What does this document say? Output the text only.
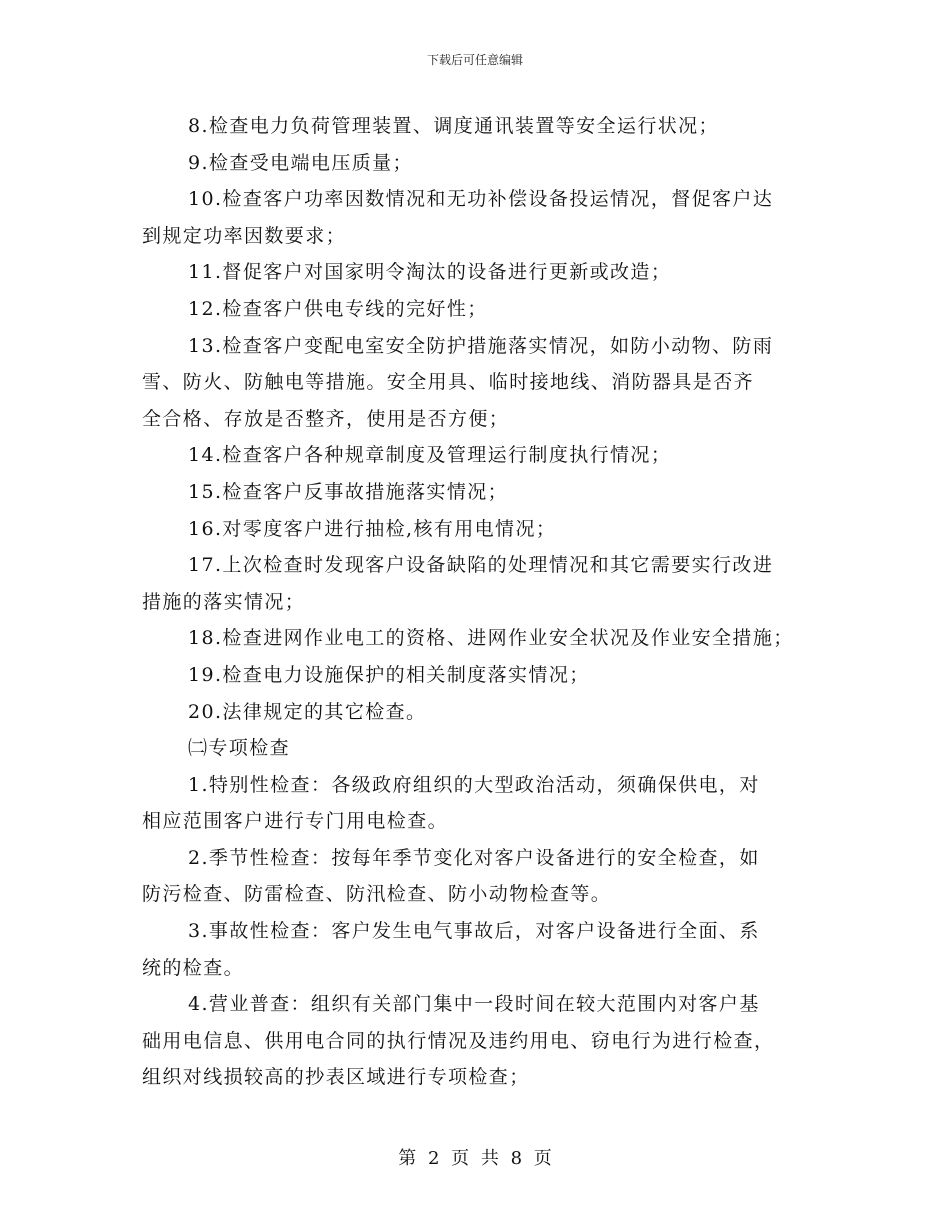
下载后可任意编辑

8.检查电力负荷管理装置、调度通讯装置等安全运行状况；

9.检查受电端电压质量；

10.检查客户功率因数情况和无功补偿设备投运情况，督促客户达

到规定功率因数要求；

11.督促客户对国家明令淘汰的设备进行更新或改造；

12.检查客户供电专线的完好性；

13.检查客户变配电室安全防护措施落实情况，如防小动物、防雨

雪、防火、防触电等措施。安全用具、临时接地线、消防器具是否齐

全合格、存放是否整齐，使用是否方便；

14.检查客户各种规章制度及管理运行制度执行情况；

15.检查客户反事故措施落实情况；

16.对零度客户进行抽检,核有用电情况；

17.上次检查时发现客户设备缺陷的处理情况和其它需要实行改进

措施的落实情况；

18.检查进网作业电工的资格、进网作业安全状况及作业安全措施；

19.检查电力设施保护的相关制度落实情况；

20.法律规定的其它检查。

㈡专项检查

1.特别性检查：各级政府组织的大型政治活动，须确保供电，对

相应范围客户进行专门用电检查。

2.季节性检查：按每年季节变化对客户设备进行的安全检查，如

防污检查、防雷检查、防汛检查、防小动物检查等。

3.事故性检查：客户发生电气事故后，对客户设备进行全面、系

统的检查。

4.营业普查：组织有关部门集中一段时间在较大范围内对客户基

础用电信息、供用电合同的执行情况及违约用电、窃电行为进行检查，

组织对线损较高的抄表区域进行专项检查；

第 2 页 共 8 页
